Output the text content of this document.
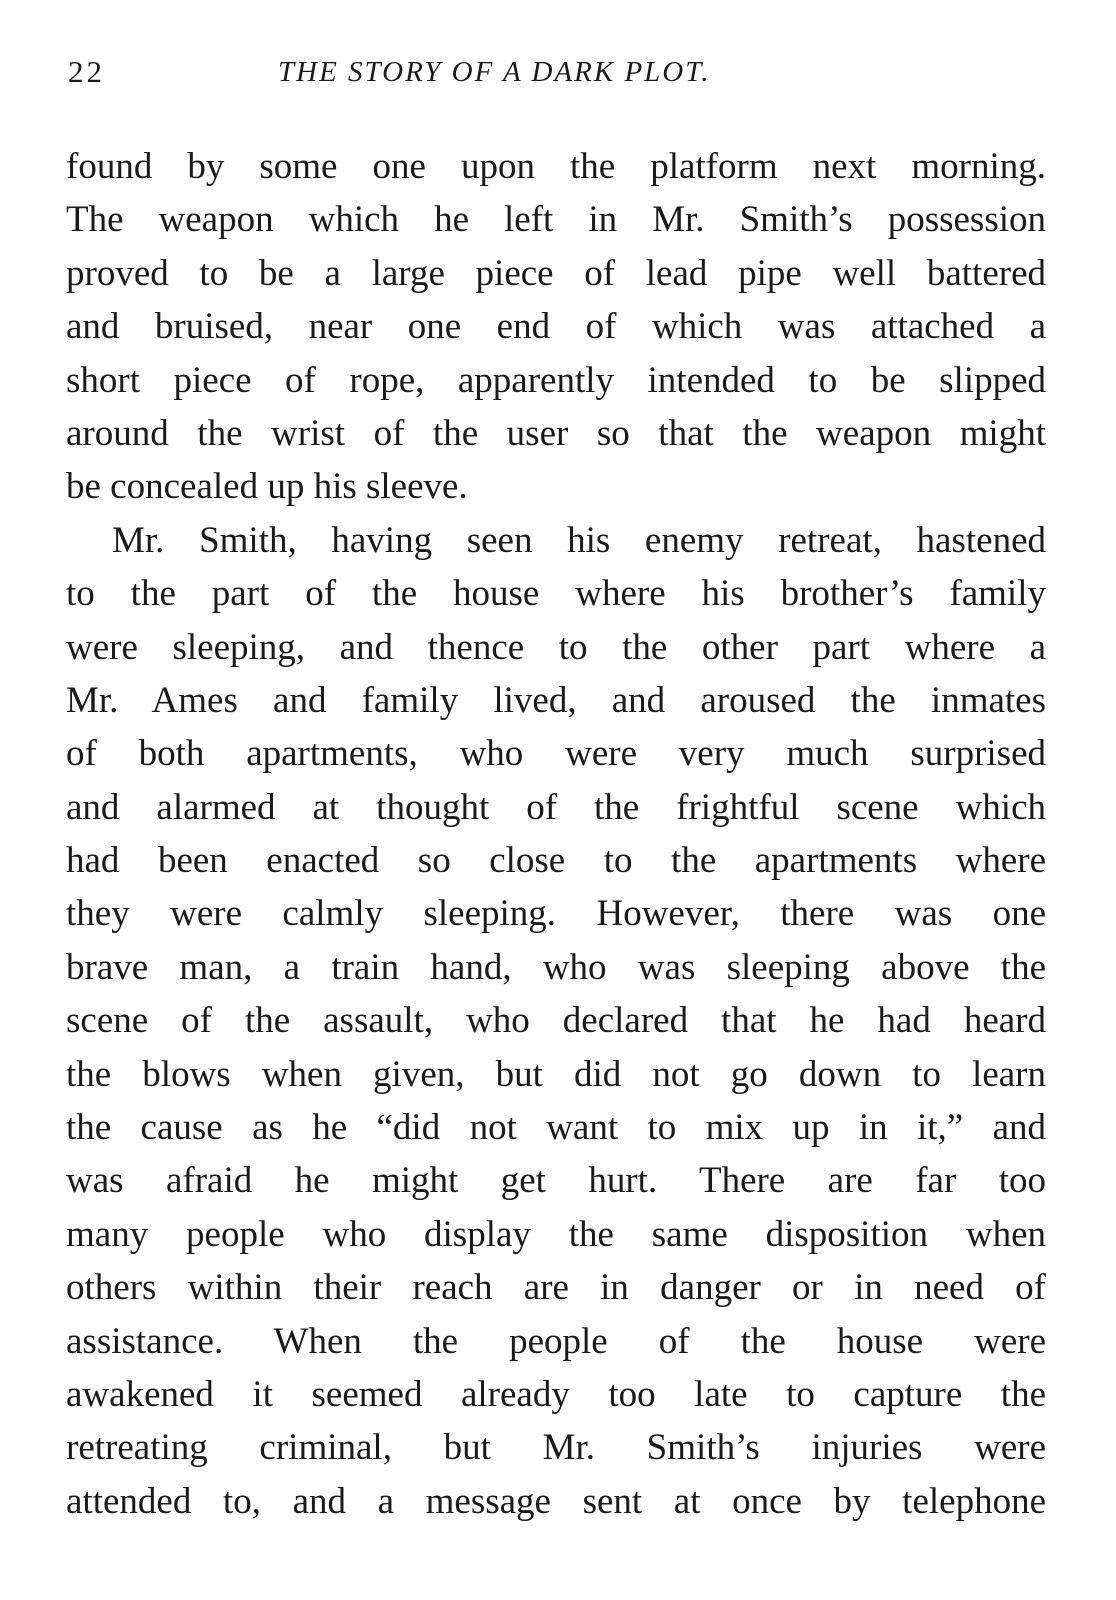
22	THE STORY OF A DARK PLOT.
found by some one upon the platform next morning.
The weapon which he left in Mr. Smith’s possession
proved to be a large piece of lead pipe well battered
and bruised, near one end of which was attached a
short piece of rope, apparently intended to be slipped
around the wrist of the user so that the weapon might
be concealed up his sleeve.
Mr. Smith, having seen his enemy retreat, hastened
to the part of the house where his brother’s family
were sleeping, and thence to the other part where a
Mr. Ames and family lived, and aroused the inmates
of both apartments, who were very much surprised
and alarmed at thought of the frightful scene which
had been enacted so close to the apartments where
they were calmly sleeping. However, there was one
brave man, a train hand, who was sleeping above the
scene of the assault, who declared that he had heard
the blows when given, but did not go down to learn
the cause as he “did not want to mix up in it,” and
was afraid he might get hurt. There are far too
many people who display the same disposition when
others within their reach are in danger or in need of
assistance. When the people of the house were
awakened it seemed already too late to capture the
retreating criminal, but Mr. Smith’s injuries were
attended to, and a message sent at once by telephone
